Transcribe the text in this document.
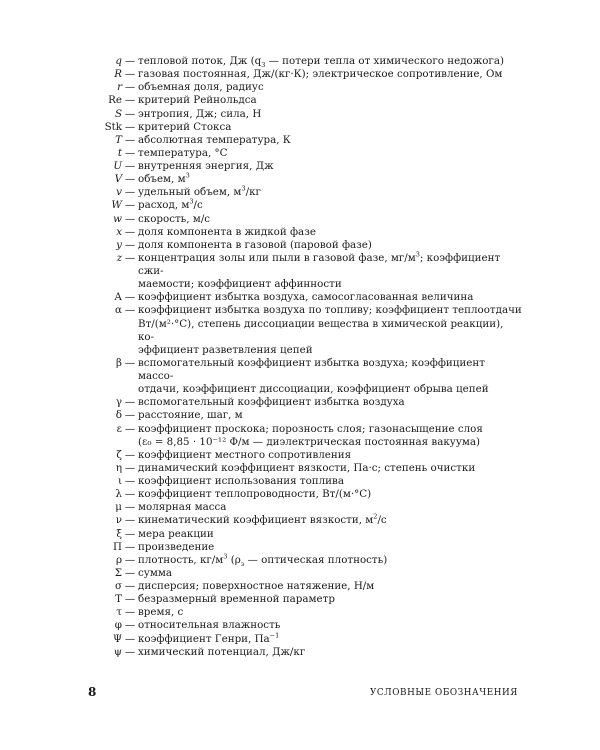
q — тепловой поток, Дж ($q_3$ — потери тепла от химического недожога)
R — газовая постоянная, Дж/(кг·К); электрическое сопротивление, Ом
r — объемная доля, радиус
Re — критерий Рейнольдса
S — энтропия, Дж; сила, Н
Stk — критерий Стокса
T — абсолютная температура, К
t — температура, °С
U — внутренняя энергия, Дж
V — объем, $м^3$
v — удельный объем, $м^3/кг$
W — расход, $м^3/с$
w — скорость, м/с
x — доля компонента в жидкой фазе
y — доля компонента в газовой (паровой фазе)
z — концентрация золы или пыли в газовой фазе, $мг/м^3$; коэффициент сжи-
маемости; коэффициент аффинности
А — коэффициент избытка воздуха, самосогласованная величина
α — коэффициент избытка воздуха по топливу; коэффициент теплоотдачи
Вт/(м²·°С), степень диссоциации вещества в химической реакции), ко-
эффициент разветвления цепей
β — вспомогательный коэффициент избытка воздуха; коэффициент массо-
отдачи, коэффициент диссоциации, коэффициент обрыва цепей
γ — вспомогательный коэффициент избытка воздуха
δ — расстояние, шаг, м
ε — коэффициент проскока; порозность слоя; газонасыщение слоя
(ε₀ = 8,85 · 10⁻¹² Ф/м — диэлектрическая постоянная вакуума)
ζ — коэффициент местного сопротивления
η — динамический коэффициент вязкости, Па·с; степень очистки
ι — коэффициент использования топлива
λ — коэффициент теплопроводности, Вт/(м·°С)
μ — молярная масса
ν — кинематический коэффициент вязкости, $м^2/с$
ξ — мера реакции
Π — произведение
ρ — плотность, $кг/м^3$ ($\rho_з$ — оптическая плотность)
Σ — сумма
σ — дисперсия; поверхностное натяжение, Н/м
Т — безразмерный временной параметр
τ — время, с
φ — относительная влажность
Ψ — коэффициент Генри, $Па^{-1}$
ψ — химический потенциал, Дж/кг
8	УСЛОВНЫЕ ОБОЗНАЧЕНИЯ
